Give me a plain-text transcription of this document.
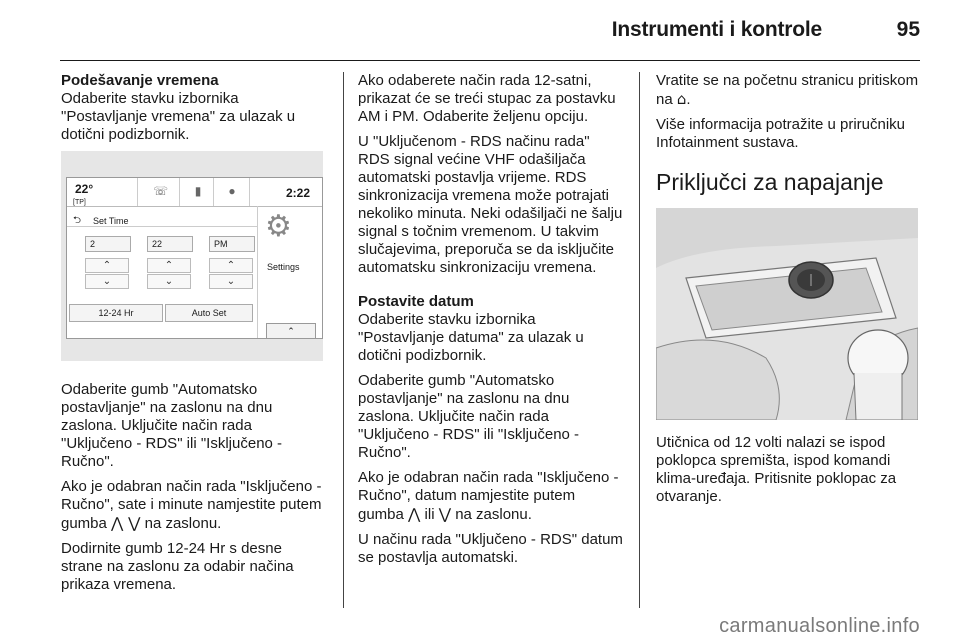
Instrumenti i kontrole	95
Podešavanje vremena

Odaberite stavku izbornika "Postavljanje vremena" za ulazak u dotični podizbornik.

22°
[TP]
☏	▮	●	2:22
⮌ Set Time
2	22	PM
⌃
⌄
⌃
⌄
⌃
⌄
12-24 Hr	Auto Set
⚙
Settings
⌃

Odaberite gumb "Automatsko postavljanje" na zaslonu na dnu zaslona. Uključite način rada "Uključeno - RDS" ili "Isključeno - Ručno".

Ako je odabran način rada "Isključeno - Ručno", sate i minute namjestite putem gumba ⋀ ⋁ na zaslonu.

Dodirnite gumb 12-24 Hr s desne strane na zaslonu za odabir načina prikaza vremena.

Ako odaberete način rada 12-satni, prikazat će se treći stupac za postavku AM i PM. Odaberite željenu opciju.

U "Uključenom - RDS načinu rada" RDS signal većine VHF odašiljača automatski postavlja vrijeme. RDS sinkronizacija vremena može potrajati nekoliko minuta. Neki odašiljači ne šalju signal s točnim vremenom. U takvim slučajevima, preporuča se da isključite automatsku sinkronizaciju vremena.

Postavite datum

Odaberite stavku izbornika "Postavljanje datuma" za ulazak u dotični podizbornik.

Odaberite gumb "Automatsko postavljanje" na zaslonu na dnu zaslona. Uključite način rada "Uključeno - RDS" ili "Isključeno - Ručno".

Ako je odabran način rada "Isključeno - Ručno", datum namjestite putem gumba ⋀ ili ⋁ na zaslonu.

U načinu rada "Uključeno - RDS" datum se postavlja automatski.

Vratite se na početnu stranicu pritiskom na ⌂.

Više informacija potražite u priručniku Infotainment sustava.

Priključci za napajanje

Utičnica od 12 volti nalazi se ispod poklopca spremišta, ispod komandi klima-uređaja. Pritisnite poklopac za otvaranje.

carmanualsonline.info
